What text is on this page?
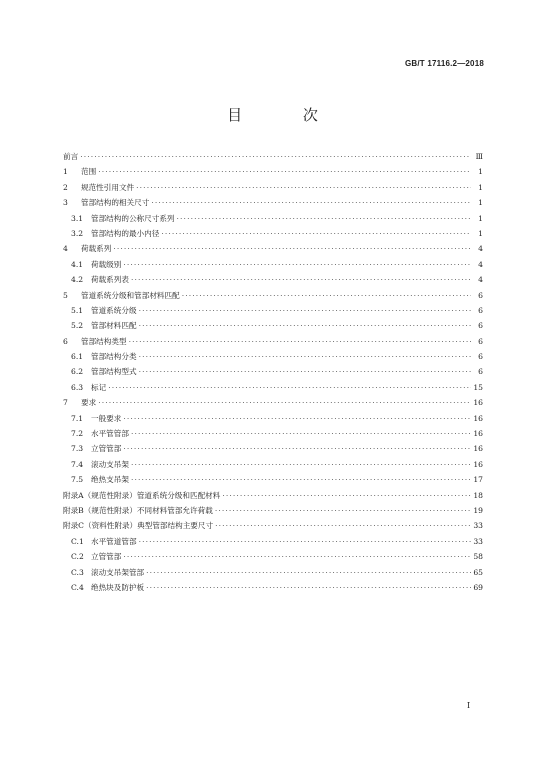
GB/T 17116.2—2018
目 次
前言 ·····	Ⅲ
1	范围 ·····	1
2	规范性引用文件 ·····	1
3	管部结构的相关尺寸 ·····	1
3.1	管部结构的公称尺寸系列 ·····	1
3.2	管部结构的最小内径 ·····	1
4	荷载系列 ·····	4
4.1	荷载级别 ·····	4
4.2	荷载系列表 ·····	4
5	管道系统分级和管部材料匹配 ·····	6
5.1	管道系统分级 ·····	6
5.2	管部材料匹配 ·····	6
6	管部结构类型 ·····	6
6.1	管部结构分类 ·····	6
6.2	管部结构型式 ·····	6
6.3	标记 ·····	15
7	要求 ·····	16
7.1	一般要求 ·····	16
7.2	水平管管部 ·····	16
7.3	立管管部 ·····	16
7.4	滚动支吊架 ·····	16
7.5	绝热支吊架 ·····	17
附录A（规范性附录）管道系统分级和匹配材料 ·····	18
附录B（规范性附录）不同材料管部允许荷载 ·····	19
附录C（资料性附录）典型管部结构主要尺寸 ·····	33
C.1 水平管道管部 ·····	33
C.2 立管管部 ·····	58
C.3 滚动支吊架管部 ·····	65
C.4 绝热块及防护板 ·····	69
I
